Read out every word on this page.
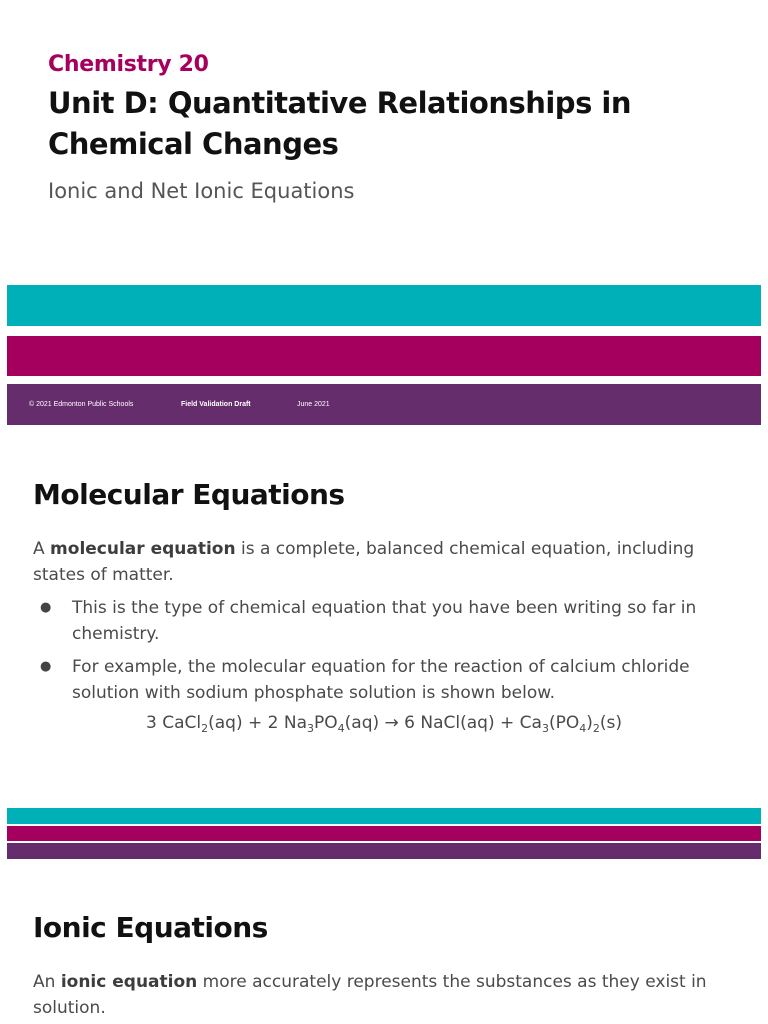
Chemistry 20
Unit D: Quantitative Relationships in Chemical Changes
Ionic and Net Ionic Equations
© 2021 Edmonton Public Schools	Field Validation Draft	June 2021
Molecular Equations
A molecular equation is a complete, balanced chemical equation, including states of matter.
● This is the type of chemical equation that you have been writing so far in chemistry.
● For example, the molecular equation for the reaction of calcium chloride solution with sodium phosphate solution is shown below.
3 CaCl$_2$(aq) + 2 $Na_3PO_4(aq) \to 6$ NaCl(aq) + $Ca_3(PO_4)_2(s)$
Ionic Equations
An ionic equation more accurately represents the substances as they exist in solution.
